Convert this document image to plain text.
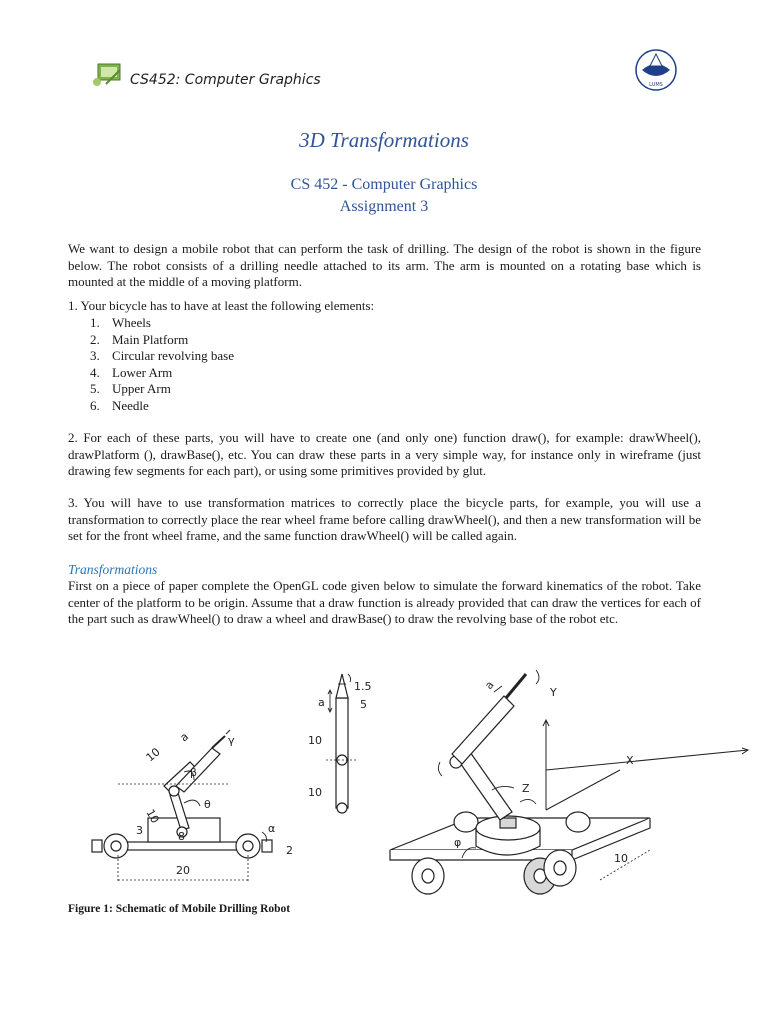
CS452: Computer Graphics	LUMS
3D Transformations
CS 452 - Computer Graphics
Assignment 3

We want to design a mobile robot that can perform the task of drilling. The design of the robot is shown in the figure below. The robot consists of a drilling needle attached to its arm. The arm is mounted on a rotating base which is mounted at the middle of a moving platform.

1. Your bicycle has to have at least the following elements:

1. Wheels
2. Main Platform
3. Circular revolving base
4. Lower Arm
5. Upper Arm
6. Needle

2. For each of these parts, you will have to create one (and only one) function draw(), for example: drawWheel(), drawPlatform (), drawBase(), etc. You can draw these parts in a very simple way, for instance only in wireframe (just drawing few segments for each part), or using some primitives provided by glut.

3. You will have to use transformation matrices to correctly place the bicycle parts, for example, you will use a transformation to correctly place the rear wheel frame before calling drawWheel(), and then a new transformation will be set for the front wheel frame, and the same function drawWheel() will be called again.

Transformations

First on a piece of paper complete the OpenGL code given below to simulate the forward kinematics of the robot. Take center of the platform to be origin. Assume that a draw function is already provided that can draw the vertices for each of the part such as drawWheel() to draw a wheel and drawBase() to draw the revolving base of the robot etc.

10
a	γ
β
10
θ
3	8
α
2
20
1.5
a	5
10
10
a
Y
X
Z
φ
10
Figure 1: Schematic of Mobile Drilling Robot
